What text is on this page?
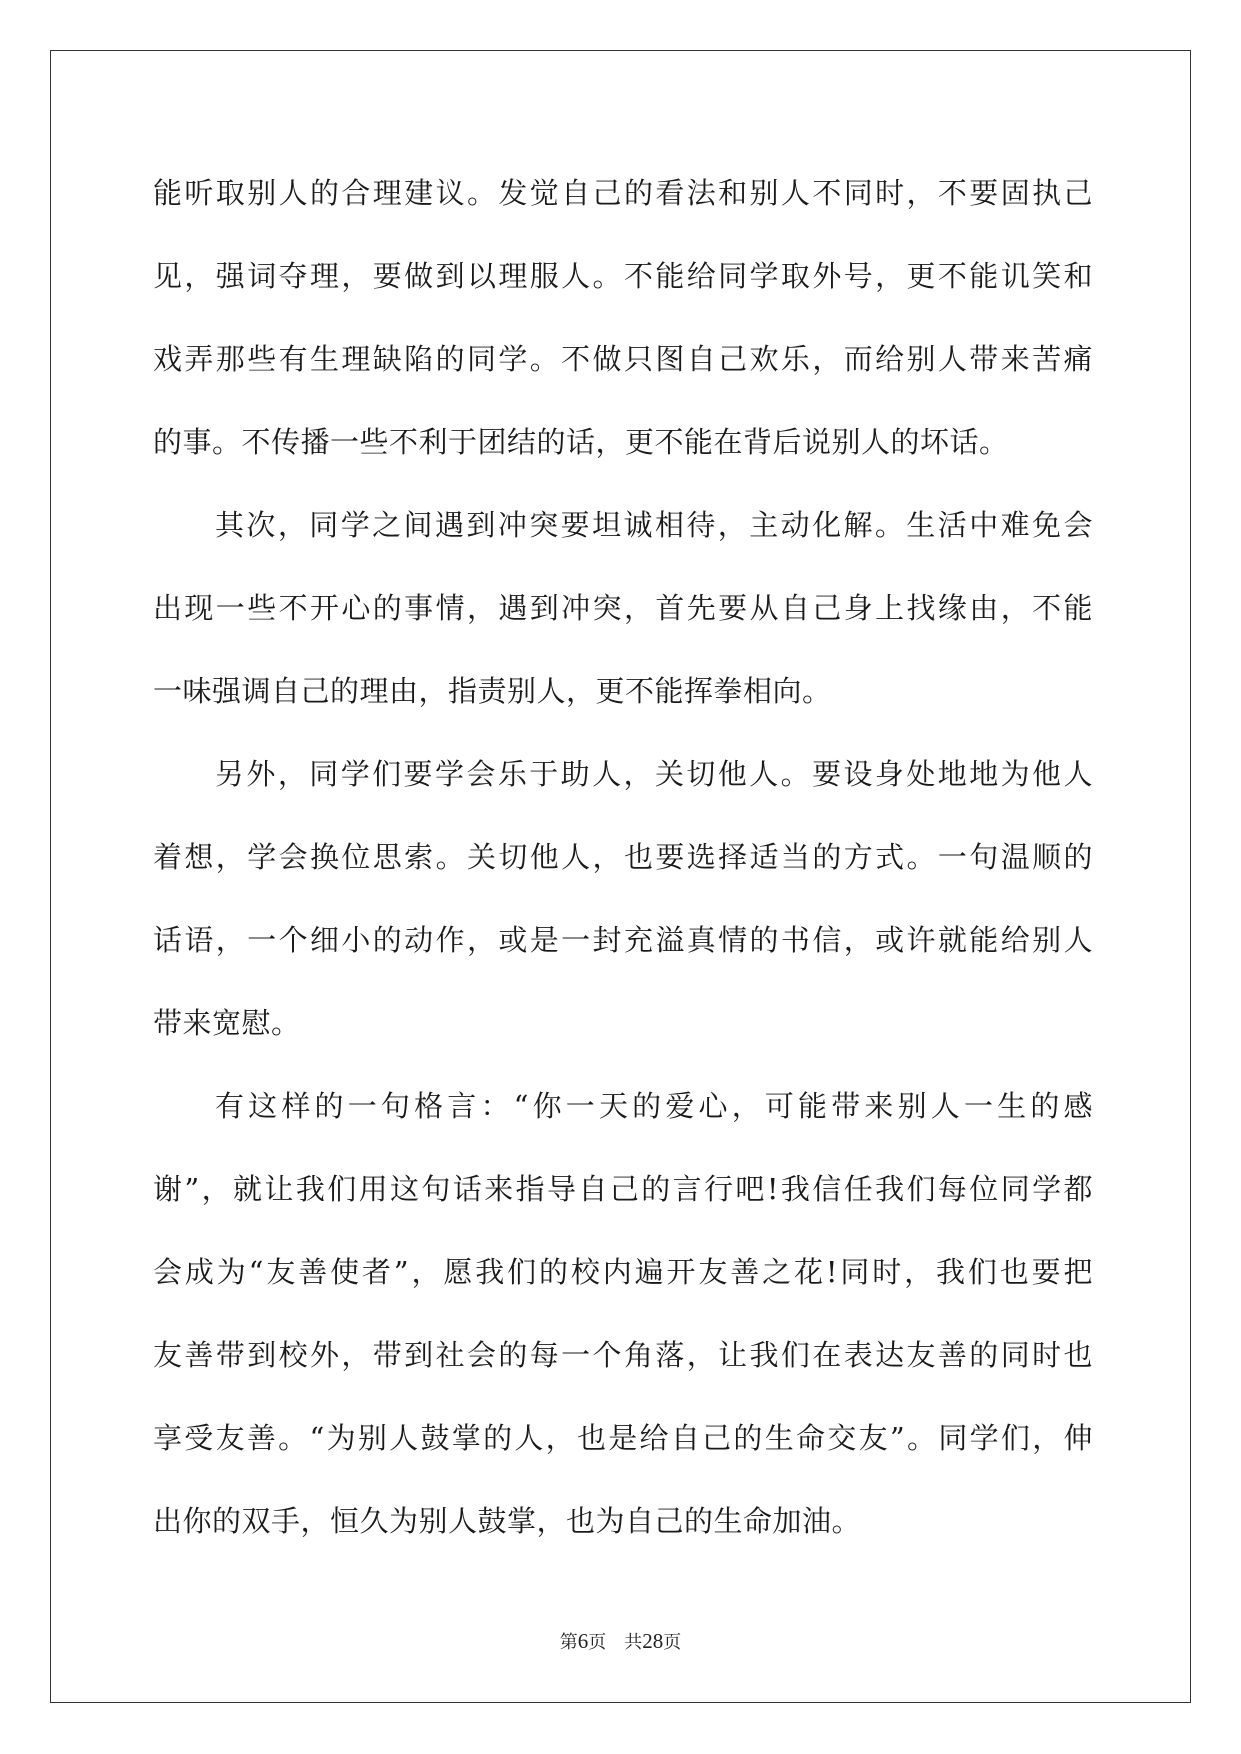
能听取别人的合理建议。发觉自己的看法和别人不同时，不要固执己
见，强词夺理，要做到以理服人。不能给同学取外号，更不能讥笑和
戏弄那些有生理缺陷的同学。不做只图自己欢乐，而给别人带来苦痛
的事。不传播一些不利于团结的话，更不能在背后说别人的坏话。
其次，同学之间遇到冲突要坦诚相待，主动化解。生活中难免会
出现一些不开心的事情，遇到冲突，首先要从自己身上找缘由，不能
一味强调自己的理由，指责别人，更不能挥拳相向。
另外，同学们要学会乐于助人，关切他人。要设身处地地为他人
着想，学会换位思索。关切他人，也要选择适当的方式。一句温顺的
话语，一个细小的动作，或是一封充溢真情的书信，或许就能给别人
带来宽慰。
有这样的一句格言：“你一天的爱心，可能带来别人一生的感
谢”，就让我们用这句话来指导自己的言行吧!我信任我们每位同学都
会成为“友善使者”，愿我们的校内遍开友善之花!同时，我们也要把
友善带到校外，带到社会的每一个角落，让我们在表达友善的同时也
享受友善。“为别人鼓掌的人，也是给自己的生命交友”。同学们，伸
出你的双手，恒久为别人鼓掌，也为自己的生命加油。
第6页　共28页
